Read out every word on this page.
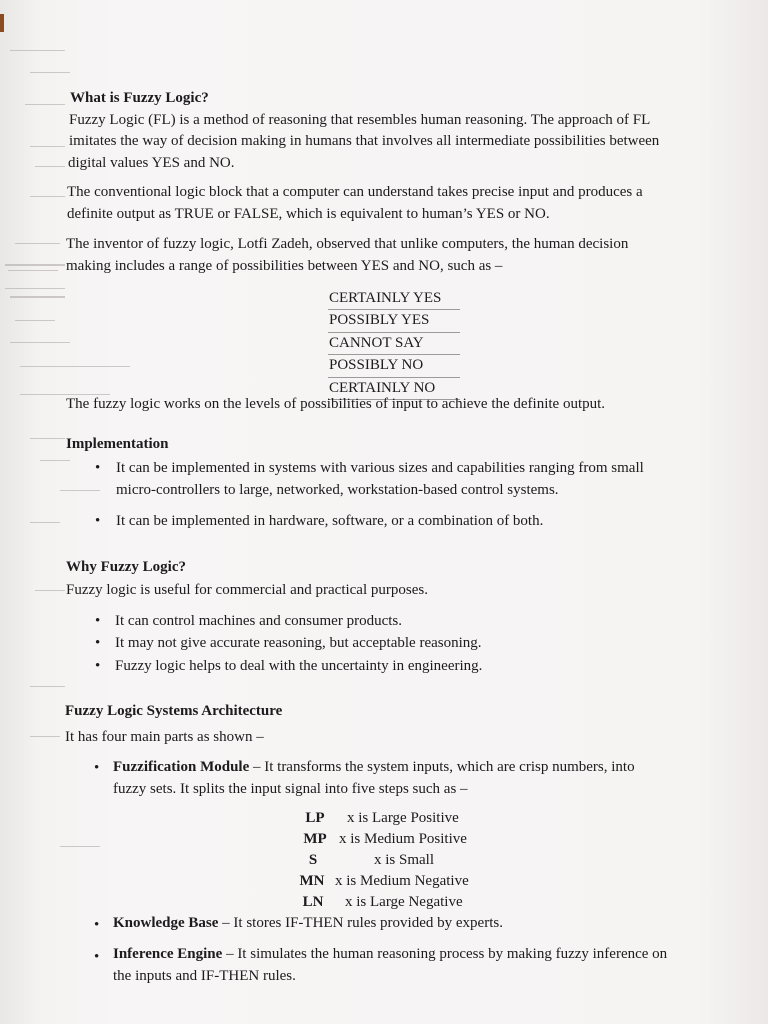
What is Fuzzy Logic?
Fuzzy Logic (FL) is a method of reasoning that resembles human reasoning. The approach of FL
imitates the way of decision making in humans that involves all intermediate possibilities between
digital values YES and NO.
The conventional logic block that a computer can understand takes precise input and produces a
definite output as TRUE or FALSE, which is equivalent to human’s YES or NO.
The inventor of fuzzy logic, Lotfi Zadeh, observed that unlike computers, the human decision
making includes a range of possibilities between YES and NO, such as –
CERTAINLY YES
POSSIBLY YES
CANNOT SAY
POSSIBLY NO
CERTAINLY NO
The fuzzy logic works on the levels of possibilities of input to achieve the definite output.
Implementation
• It can be implemented in systems with various sizes and capabilities ranging from small
micro-controllers to large, networked, workstation-based control systems.
• It can be implemented in hardware, software, or a combination of both.
Why Fuzzy Logic?
Fuzzy logic is useful for commercial and practical purposes.
• It can control machines and consumer products.
• It may not give accurate reasoning, but acceptable reasoning.
• Fuzzy logic helps to deal with the uncertainty in engineering.
Fuzzy Logic Systems Architecture
It has four main parts as shown –
• Fuzzification Module – It transforms the system inputs, which are crisp numbers, into
fuzzy sets. It splits the input signal into five steps such as –
LP	x is Large Positive
MP x is Medium Positive
S	x is Small
MN x is Medium Negative
LN	x is Large Negative
• Knowledge Base – It stores IF-THEN rules provided by experts.
• Inference Engine – It simulates the human reasoning process by making fuzzy inference on
the inputs and IF-THEN rules.
